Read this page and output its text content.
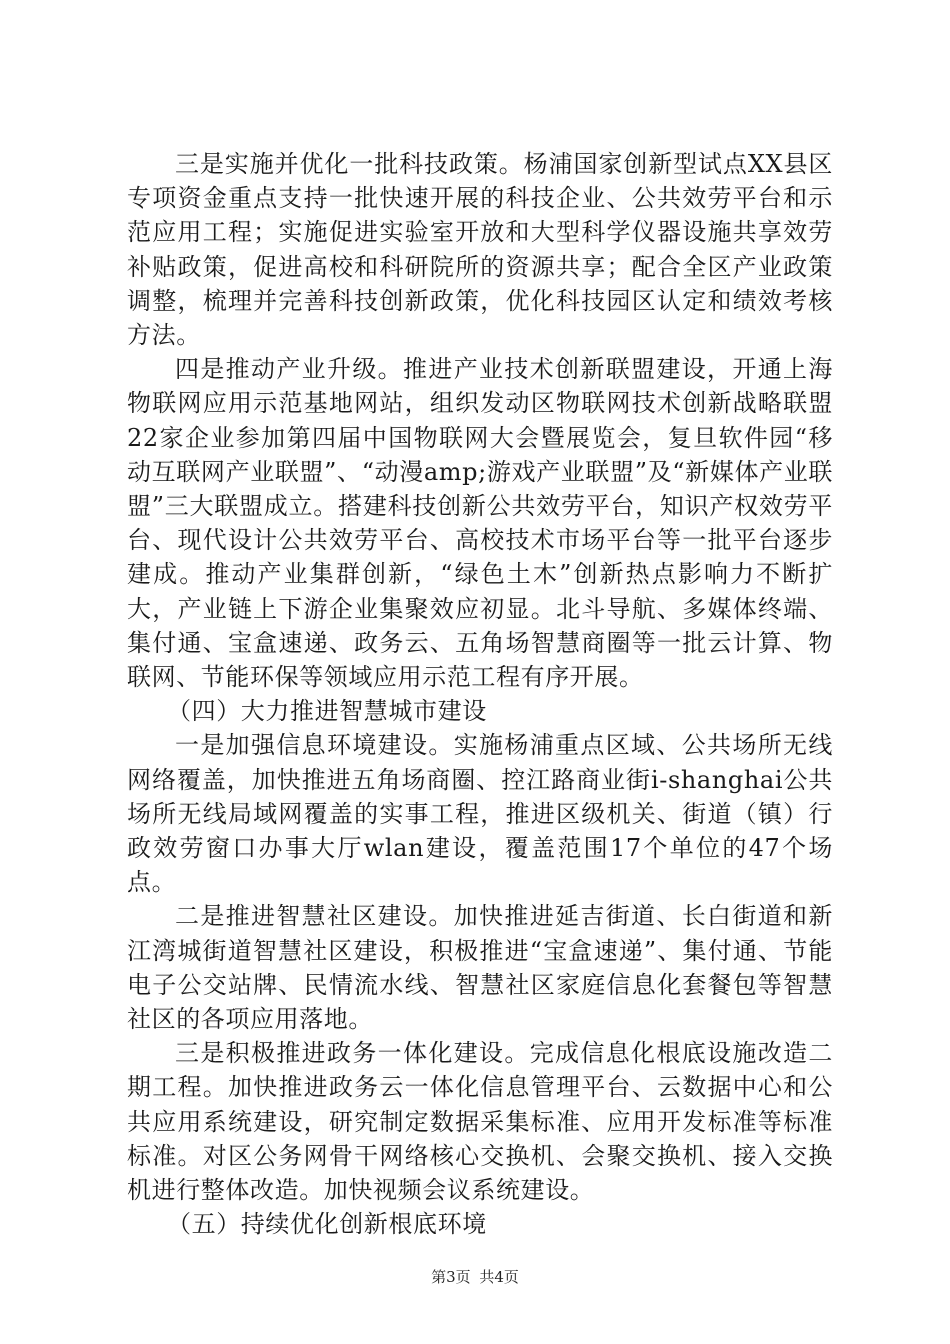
三是实施并优化一批科技政策。杨浦国家创新型试点XX县区专项资金重点支持一批快速开展的科技企业、公共效劳平台和示范应用工程；实施促进实验室开放和大型科学仪器设施共享效劳补贴政策，促进高校和科研院所的资源共享；配合全区产业政策调整，梳理并完善科技创新政策，优化科技园区认定和绩效考核方法。

四是推动产业升级。推进产业技术创新联盟建设，开通上海物联网应用示范基地网站，组织发动区物联网技术创新战略联盟22家企业参加第四届中国物联网大会暨展览会，复旦软件园“移动互联网产业联盟”、“动漫amp;游戏产业联盟”及“新媒体产业联盟”三大联盟成立。搭建科技创新公共效劳平台，知识产权效劳平台、现代设计公共效劳平台、高校技术市场平台等一批平台逐步建成。推动产业集群创新，“绿色土木”创新热点影响力不断扩大，产业链上下游企业集聚效应初显。北斗导航、多媒体终端、集付通、宝盒速递、政务云、五角场智慧商圈等一批云计算、物联网、节能环保等领域应用示范工程有序开展。

（四）大力推进智慧城市建设

一是加强信息环境建设。实施杨浦重点区域、公共场所无线网络覆盖，加快推进五角场商圈、控江路商业街i-shanghai公共场所无线局域网覆盖的实事工程，推进区级机关、街道（镇）行政效劳窗口办事大厅wlan建设，覆盖范围17个单位的47个场点。

二是推进智慧社区建设。加快推进延吉街道、长白街道和新江湾城街道智慧社区建设，积极推进“宝盒速递”、集付通、节能电子公交站牌、民情流水线、智慧社区家庭信息化套餐包等智慧社区的各项应用落地。

三是积极推进政务一体化建设。完成信息化根底设施改造二期工程。加快推进政务云一体化信息管理平台、云数据中心和公共应用系统建设，研究制定数据采集标准、应用开发标准等标准标准。对区公务网骨干网络核心交换机、会聚交换机、接入交换机进行整体改造。加快视频会议系统建设。

（五）持续优化创新根底环境

第3页 共4页
